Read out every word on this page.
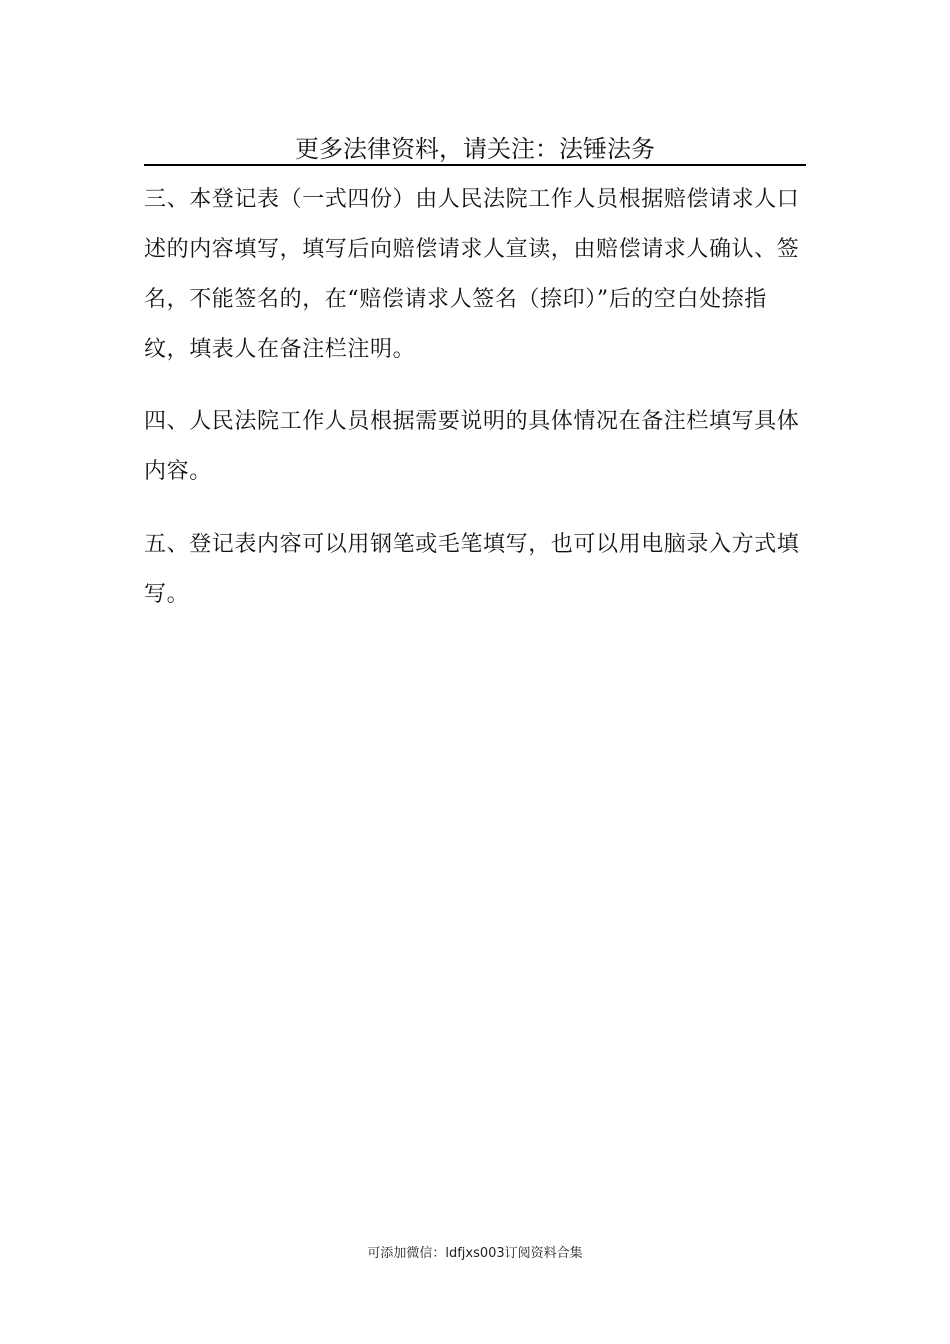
更多法律资料，请关注：法锤法务

三、本登记表（一式四份）由人民法院工作人员根据赔偿请求人口述的内容填写，填写后向赔偿请求人宣读，由赔偿请求人确认、签名，不能签名的，在“赔偿请求人签名（捺印）”后的空白处捺指纹，填表人在备注栏注明。

四、人民法院工作人员根据需要说明的具体情况在备注栏填写具体内容。

五、登记表内容可以用钢笔或毛笔填写，也可以用电脑录入方式填写。

可添加微信：ldfjxs003订阅资料合集
